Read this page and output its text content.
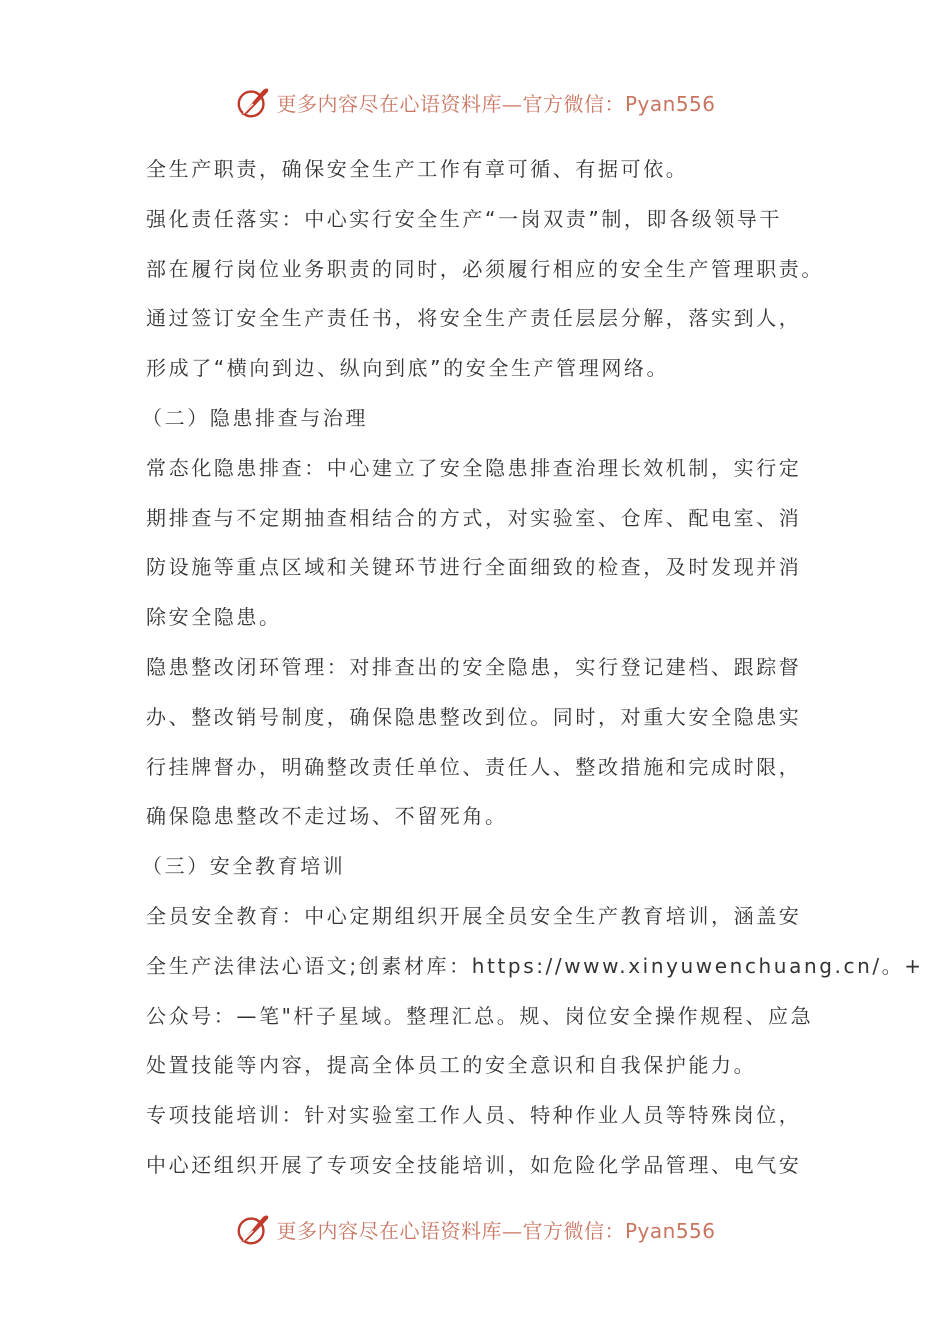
更多内容尽在心语资料库—官方微信：Pyan556
全生产职责，确保安全生产工作有章可循、有据可依。
强化责任落实：中心实行安全生产“一岗双责”制，即各级领导干
部在履行岗位业务职责的同时，必须履行相应的安全生产管理职责。
通过签订安全生产责任书，将安全生产责任层层分解，落实到人，
形成了“横向到边、纵向到底”的安全生产管理网络。
（二）隐患排查与治理
常态化隐患排查：中心建立了安全隐患排查治理长效机制，实行定
期排查与不定期抽查相结合的方式，对实验室、仓库、配电室、消
防设施等重点区域和关键环节进行全面细致的检查，及时发现并消
除安全隐患。
隐患整改闭环管理：对排查出的安全隐患，实行登记建档、跟踪督
办、整改销号制度，确保隐患整改到位。同时，对重大安全隐患实
行挂牌督办，明确整改责任单位、责任人、整改措施和完成时限，
确保隐患整改不走过场、不留死角。
（三）安全教育培训
全员安全教育：中心定期组织开展全员安全生产教育培训，涵盖安
全生产法律法心语文;创素材库：https://www.xinyuwenchuang.cn/。+
公众号：—笔"杆子星域。整理汇总。规、岗位安全操作规程、应急
处置技能等内容，提高全体员工的安全意识和自我保护能力。
专项技能培训：针对实验室工作人员、特种作业人员等特殊岗位，
中心还组织开展了专项安全技能培训，如危险化学品管理、电气安
更多内容尽在心语资料库—官方微信：Pyan556
